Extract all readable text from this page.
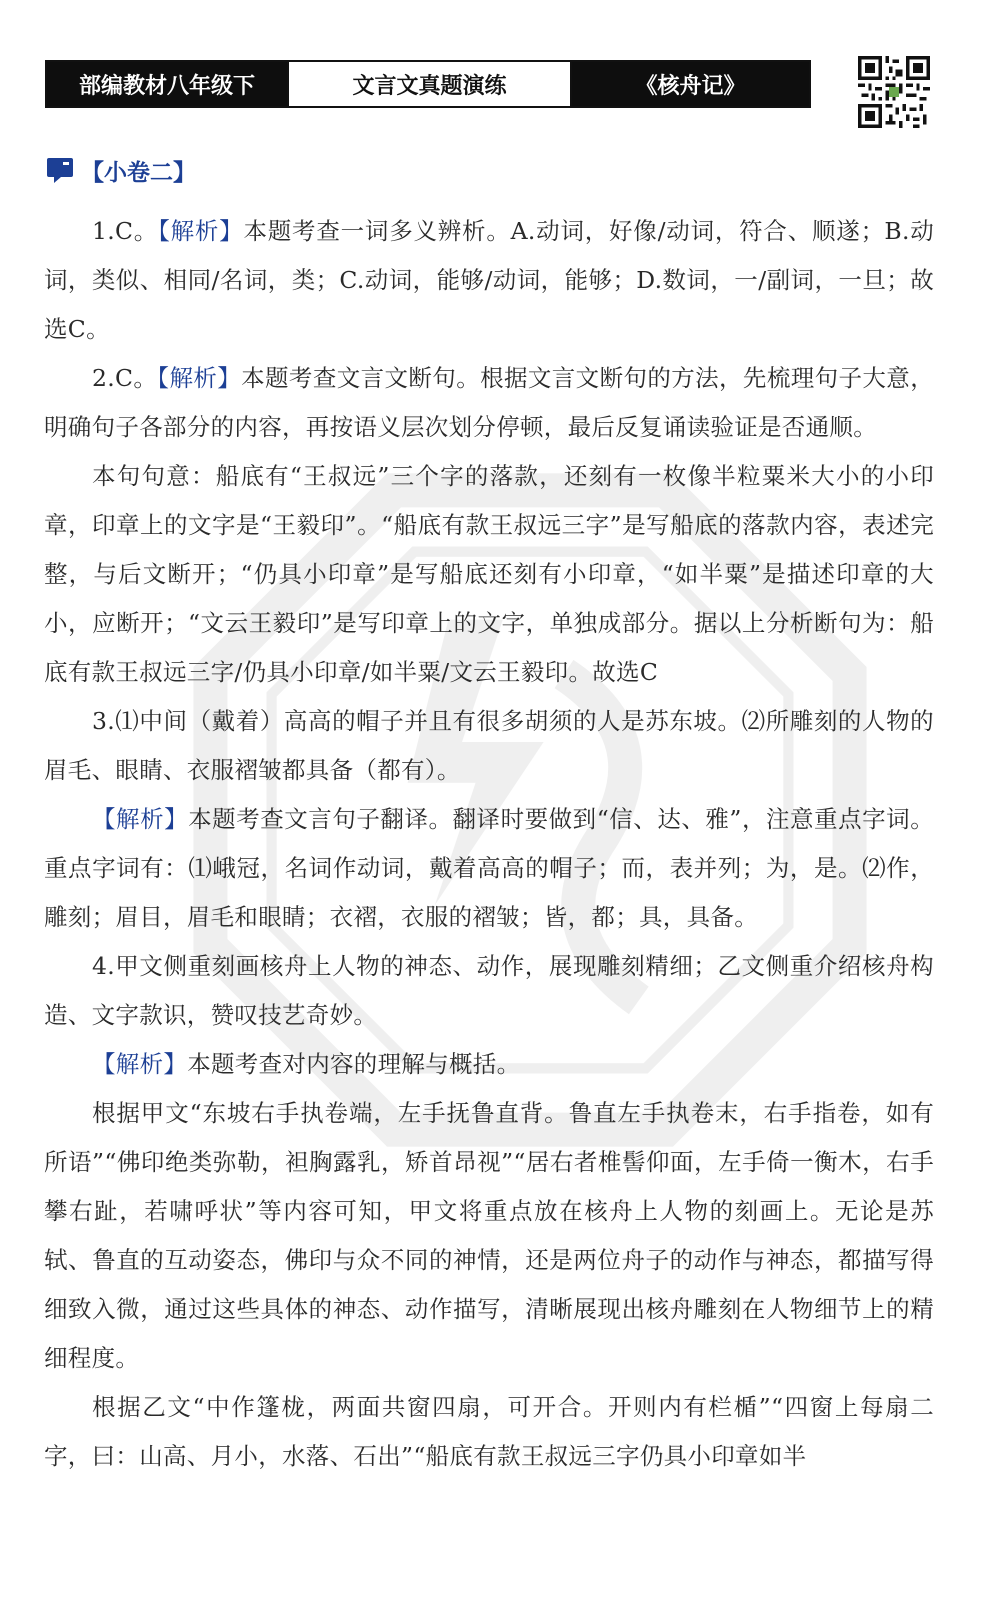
部编教材八年级下	文言文真题演练	《核舟记》
【小卷二】

1.C。【解析】本题考查一词多义辨析。A.动词，好像/动词，符合、顺遂；B.动词，类似、相同/名词，类；C.动词，能够/动词，能够；D.数词，一/副词，一旦；故选C。

2.C。【解析】本题考查文言文断句。根据文言文断句的方法，先梳理句子大意，明确句子各部分的内容，再按语义层次划分停顿，最后反复诵读验证是否通顺。

本句句意：船底有“王叔远”三个字的落款，还刻有一枚像半粒粟米大小的小印章，印章上的文字是“王毅印”。“船底有款王叔远三字”是写船底的落款内容，表述完整，与后文断开；“仍具小印章”是写船底还刻有小印章，“如半粟”是描述印章的大小，应断开；“文云王毅印”是写印章上的文字，单独成部分。据以上分析断句为：船底有款王叔远三字/仍具小印章/如半粟/文云王毅印。故选C

3.⑴中间（戴着）高高的帽子并且有很多胡须的人是苏东坡。⑵所雕刻的人物的眉毛、眼睛、衣服褶皱都具备（都有）。

【解析】本题考查文言句子翻译。翻译时要做到“信、达、雅”，注意重点字词。重点字词有：⑴峨冠，名词作动词，戴着高高的帽子；而，表并列；为，是。⑵作，雕刻；眉目，眉毛和眼睛；衣褶，衣服的褶皱；皆，都；具，具备。

4.甲文侧重刻画核舟上人物的神态、动作，展现雕刻精细；乙文侧重介绍核舟构造、文字款识，赞叹技艺奇妙。

【解析】本题考查对内容的理解与概括。

根据甲文“东坡右手执卷端，左手抚鲁直背。鲁直左手执卷末，右手指卷，如有所语”“佛印绝类弥勒，袒胸露乳，矫首昂视”“居右者椎髻仰面，左手倚一衡木，右手攀右趾，若啸呼状”等内容可知，甲文将重点放在核舟上人物的刻画上。无论是苏轼、鲁直的互动姿态，佛印与众不同的神情，还是两位舟子的动作与神态，都描写得细致入微，通过这些具体的神态、动作描写，清晰展现出核舟雕刻在人物细节上的精细程度。

根据乙文“中作篷栊，两面共窗四扇，可开合。开则内有栏楯”“四窗上每扇二字，曰：山高、月小，水落、石出”“船底有款王叔远三字仍具小印章如半
